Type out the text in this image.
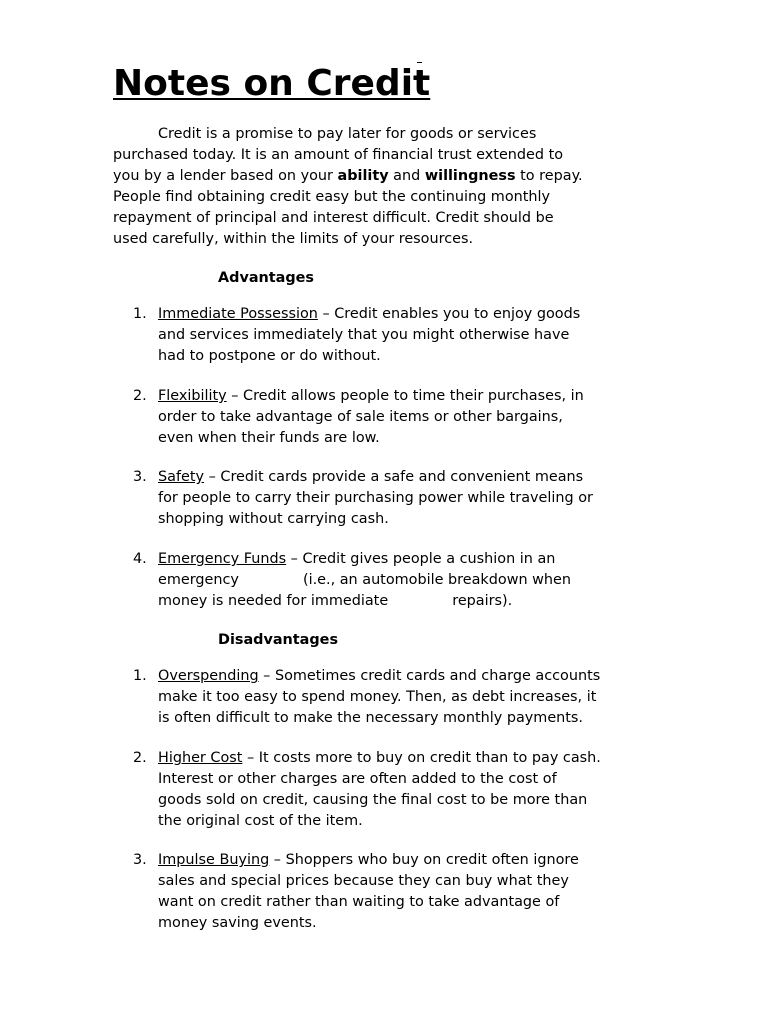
Notes on Credit

Credit is a promise to pay later for goods or services
purchased today. It is an amount of financial trust extended to
you by a lender based on your ability and willingness to repay.
People find obtaining credit easy but the continuing monthly
repayment of principal and interest difficult. Credit should be
used carefully, within the limits of your resources.

Advantages
1. Immediate Possession – Credit enables you to enjoy goods
and services immediately that you might otherwise have
had to postpone or do without.
2. Flexibility – Credit allows people to time their purchases, in
order to take advantage of sale items or other bargains,
even when their funds are low.
3. Safety – Credit cards provide a safe and convenient means
for people to carry their purchasing power while traveling or
shopping without carrying cash.
4. Emergency Funds – Credit gives people a cushion in an
emergency              (i.e., an automobile breakdown when
money is needed for immediate              repairs).
Disadvantages
1. Overspending – Sometimes credit cards and charge accounts
make it too easy to spend money. Then, as debt increases, it
is often difficult to make the necessary monthly payments.
2. Higher Cost – It costs more to buy on credit than to pay cash.
Interest or other charges are often added to the cost of
goods sold on credit, causing the final cost to be more than
the original cost of the item.
3. Impulse Buying – Shoppers who buy on credit often ignore
sales and special prices because they can buy what they
want on credit rather than waiting to take advantage of
money saving events.
